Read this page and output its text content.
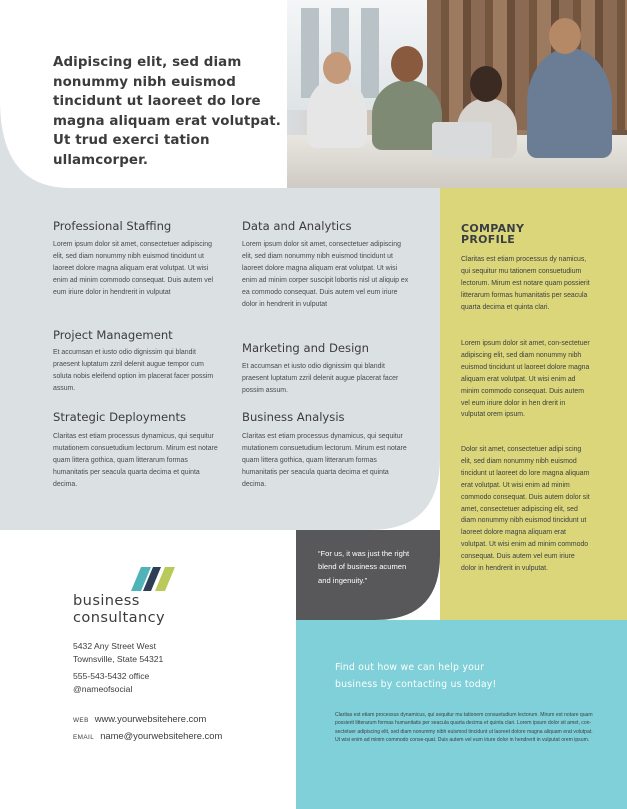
Adipiscing elit, sed diam nonummy nibh euismod tincidunt ut laoreet do lore magna aliquam erat volutpat. Ut trud exerci tation ullamcorper.
Professional Staffing
Lorem ipsum dolor sit amet, consectetuer adipiscing elit, sed diam nonummy nibh euismod tincidunt ut laoreet dolore magna aliquam erat volutpat. Ut wisi enim ad minim commodo consequat. Duis autem vel eum iriure dolor in hendrerit in vulputat
Project Management
Et accumsan et iusto odio dignissim qui blandit praesent luptatum zzril delenit augue tempor cum soluta nobis eleifend option im placerat facer possim assum.
Strategic Deployments
Claritas est etiam processus dynamicus, qui sequitur mutationem consuetudium lectorum. Mirum est notare quam littera gothica, quam litterarum formas humanitatis per seacula quarta decima et quinta decima.
Data and Analytics
Lorem ipsum dolor sit amet, consectetuer adipiscing elit, sed diam nonummy nibh euismod tincidunt ut laoreet dolore magna aliquam erat volutpat. Ut wisi enim ad minim corper suscipit lobortis nisl ut aliquip ex ea commodo consequat. Duis autem vel eum iriure dolor in hendrerit in vulputat
Marketing and Design
Et accumsan et iusto odio dignissim qui blandit praesent luptatum zzril delenit augue placerat facer possim assum.
Business Analysis
Claritas est etiam processus dynamicus, qui sequitur mutationem consuetudium lectorum. Mirum est notare quam littera gothica, quam litterarum formas humanitatis per seacula quarta decima et quinta decima.
COMPANY
PROFILE
Claritas est etiam processus dy namicus, qui sequitur mu tationem consuetudium lectorum. Mirum est notare quam possierit litterarum formas humanitatis per seacula quarta decima et quinta clari.
Lorem ipsum dolor sit amet, con-sectetuer adipiscing elit, sed diam nonummy nibh euismod tincidunt ut laoreet dolore magna aliquam erat volutpat. Ut wisi enim ad minim commodo consequat. Duis autem vel eum iriure dolor in hen drerit in vulputat orem ipsum.
Dolor sit amet, consectetuer adipi scing elit, sed diam nonummy nibh euismod tincidunt ut laoreet do lore magna aliquam erat volutpat. Ut wisi enim ad minim commodo consequat. Duis autem dolor sit amet, consectetuer adipiscing elit, sed diam nonummy nibh euismod tincidunt ut laoreet dolore magna aliquam erat volutpat. Ut wisi enim ad minim commodo consequat. Duis autem vel eum iriure dolor in hendrerit in vulputat.
“For us, it was just the right blend of business acumen and ingenuity.”
business
consultancy
5432 Any Street West
Townsville, State 54321
555-543-5432 office
@nameofsocial
WEB www.yourwebsitehere.com
EMAIL name@yourwebsitehere.com
Find out how we can help your
business by contacting us today!
Claritas est etiam processus dynamicus, qui sequitur mu tationem consuetudium lectorum. Mirum est notare quam possierit litterarum formas humanitatis per seacula quarta decima et quinta clari. Lorem ipsum dolor sit amet, con-sectetuer adipiscing elit, sed diam nonummy nibh euismod tincidunt ut laoreet dolore magna aliquam erat volutpat. Ut wisi enim ad minim commodo conse-quat. Duis autem vel eum iriure dolor in hendrerit in vulputat orem ipsum.
